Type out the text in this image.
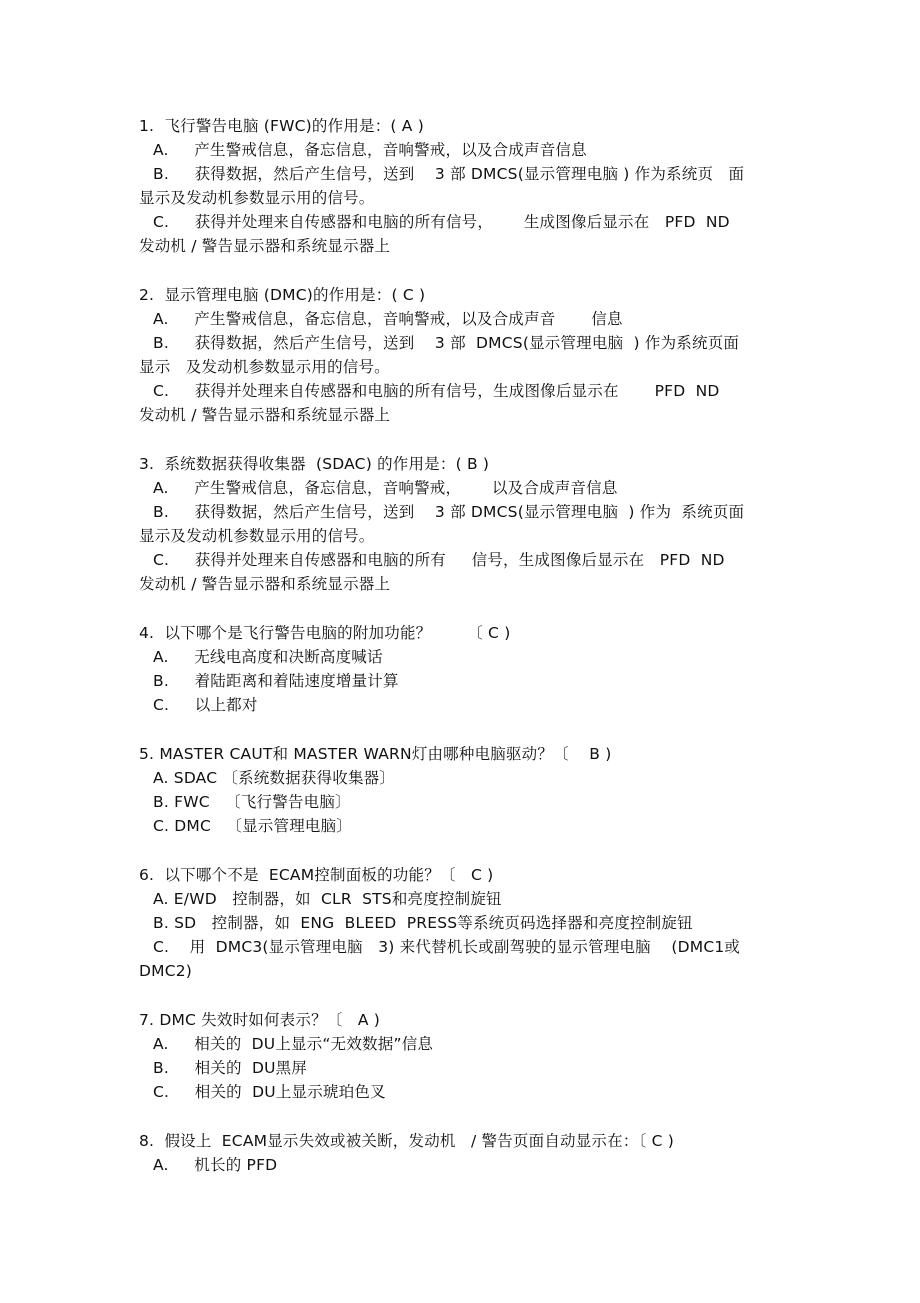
1.  飞行警告电脑 (FWC)的作用是：( A )
A.     产生警戒信息，备忘信息，音响警戒，以及合成声音信息
B.     获得数据，然后产生信号，送到    3 部 DMCS(显示管理电脑 ) 作为系统页   面
显示及发动机参数显示用的信号。
C.     获得并处理来自传感器和电脑的所有信号，      生成图像后显示在   PFD  ND
发动机 / 警告显示器和系统显示器上
2.  显示管理电脑 (DMC)的作用是：( C )
A.     产生警戒信息，备忘信息，音响警戒，以及合成声音       信息
B.     获得数据，然后产生信号，送到    3 部  DMCS(显示管理电脑  ) 作为系统页面
显示   及发动机参数显示用的信号。
C.     获得并处理来自传感器和电脑的所有信号，生成图像后显示在       PFD  ND
发动机 / 警告显示器和系统显示器上
3.  系统数据获得收集器  (SDAC) 的作用是：( B )
A.     产生警戒信息，备忘信息，音响警戒，      以及合成声音信息
B.     获得数据，然后产生信号，送到    3 部 DMCS(显示管理电脑  ) 作为  系统页面
显示及发动机参数显示用的信号。
C.     获得并处理来自传感器和电脑的所有     信号，生成图像后显示在   PFD  ND
发动机 / 警告显示器和系统显示器上
4.  以下哪个是飞行警告电脑的附加功能？       〔 C )
A.     无线电高度和决断高度喊话
B.     着陆距离和着陆速度增量计算
C.     以上都对
5. MASTER CAUT和 MASTER WARN灯由哪种电脑驱动？〔    B )
A. SDAC 〔系统数据获得收集器〕
B. FWC   〔飞行警告电脑〕
C. DMC   〔显示管理电脑〕
6.  以下哪个不是  ECAM控制面板的功能？〔   C )
A. E/WD   控制器，如  CLR  STS和亮度控制旋钮
B. SD   控制器，如  ENG  BLEED  PRESS等系统页码选择器和亮度控制旋钮
C.    用  DMC3(显示管理电脑   3) 来代替机长或副驾驶的显示管理电脑    (DMC1或
DMC2)
7. DMC 失效时如何表示？〔   A )
A.     相关的  DU上显示“无效数据”信息
B.     相关的  DU黑屏
C.     相关的  DU上显示琥珀色叉
8.  假设上  ECAM显示失效或被关断，发动机   / 警告页面自动显示在：〔 C )
A.     机长的 PFD
